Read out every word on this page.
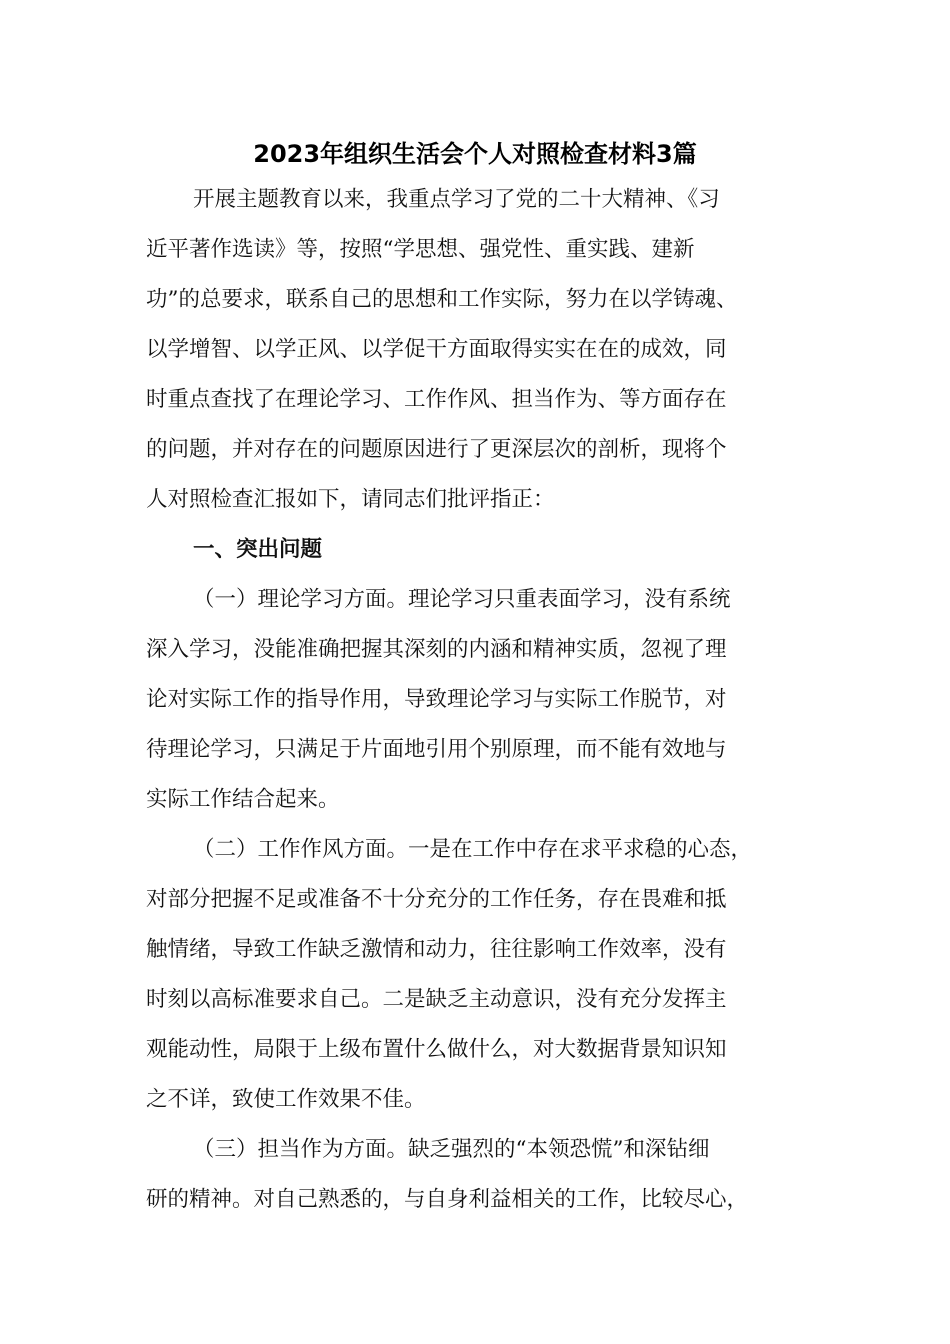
2023年组织生活会个人对照检查材料3篇
开展主题教育以来，我重点学习了党的二十大精神、《习
近平著作选读》等，按照“学思想、强党性、重实践、建新
功”的总要求，联系自己的思想和工作实际，努力在以学铸魂、
以学增智、以学正风、以学促干方面取得实实在在的成效，同
时重点查找了在理论学习、工作作风、担当作为、等方面存在
的问题，并对存在的问题原因进行了更深层次的剖析，现将个
人对照检查汇报如下，请同志们批评指正：
一、突出问题
（一）理论学习方面。理论学习只重表面学习，没有系统
深入学习，没能准确把握其深刻的内涵和精神实质，忽视了理
论对实际工作的指导作用，导致理论学习与实际工作脱节，对
待理论学习，只满足于片面地引用个别原理，而不能有效地与
实际工作结合起来。
（二）工作作风方面。一是在工作中存在求平求稳的心态，
对部分把握不足或准备不十分充分的工作任务，存在畏难和抵
触情绪，导致工作缺乏激情和动力，往往影响工作效率，没有
时刻以高标准要求自己。二是缺乏主动意识，没有充分发挥主
观能动性，局限于上级布置什么做什么，对大数据背景知识知
之不详，致使工作效果不佳。
（三）担当作为方面。缺乏强烈的“本领恐慌”和深钻细
研的精神。对自己熟悉的，与自身利益相关的工作，比较尽心，
